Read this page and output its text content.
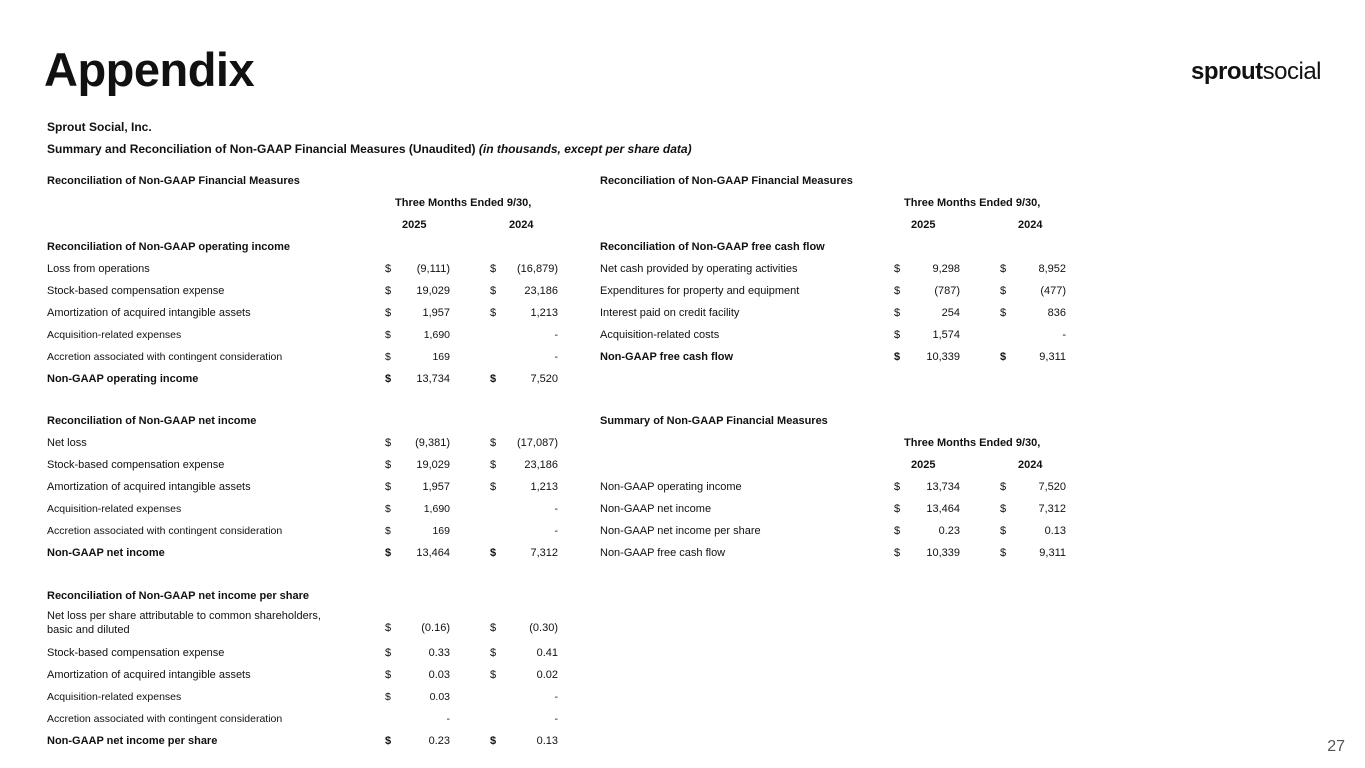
Appendix	sproutsocial
Sprout Social, Inc.
Summary and Reconciliation of Non-GAAP Financial Measures (Unaudited) (in thousands, except per share data)
Reconciliation of Non-GAAP Financial Measures
Three Months Ended 9/30,
2025	2024
Reconciliation of Non-GAAP operating income
Loss from operations	$	(9,111)	$	(16,879)
Stock-based compensation expense	$	19,029	$	23,186
Amortization of acquired intangible assets	$	1,957	$	1,213
Acquisition-related expenses	$	1,690	-
Accretion associated with contingent consideration	$	169	-
Non-GAAP operating income	$	13,734	$	7,520
Reconciliation of Non-GAAP net income
Net loss	$	(9,381)	$	(17,087)
Stock-based compensation expense	$	19,029	$	23,186
Amortization of acquired intangible assets	$	1,957	$	1,213
Acquisition-related expenses	$	1,690	-
Accretion associated with contingent consideration	$	169	-
Non-GAAP net income	$	13,464	$	7,312
Reconciliation of Non-GAAP net income per share
Net loss per share attributable to common shareholders,
basic and diluted	$	(0.16)	$	(0.30)
Stock-based compensation expense	$	0.33	$	0.41
Amortization of acquired intangible assets	$	0.03	$	0.02
Acquisition-related expenses	$	0.03	-
Accretion associated with contingent consideration	-	-
Non-GAAP net income per share	$	0.23	$	0.13
Reconciliation of Non-GAAP Financial Measures
Three Months Ended 9/30,
2025	2024
Reconciliation of Non-GAAP free cash flow
Net cash provided by operating activities	$	9,298	$	8,952
Expenditures for property and equipment	$	(787)	$	(477)
Interest paid on credit facility	$	254	$	836
Acquisition-related costs	$	1,574	-
Non-GAAP free cash flow	$	10,339	$	9,311
Summary of Non-GAAP Financial Measures
Three Months Ended 9/30,
2025	2024
Non-GAAP operating income	$	13,734	$	7,520
Non-GAAP net income	$	13,464	$	7,312
Non-GAAP net income per share	$	0.23	$	0.13
Non-GAAP free cash flow	$	10,339	$	9,311
27
